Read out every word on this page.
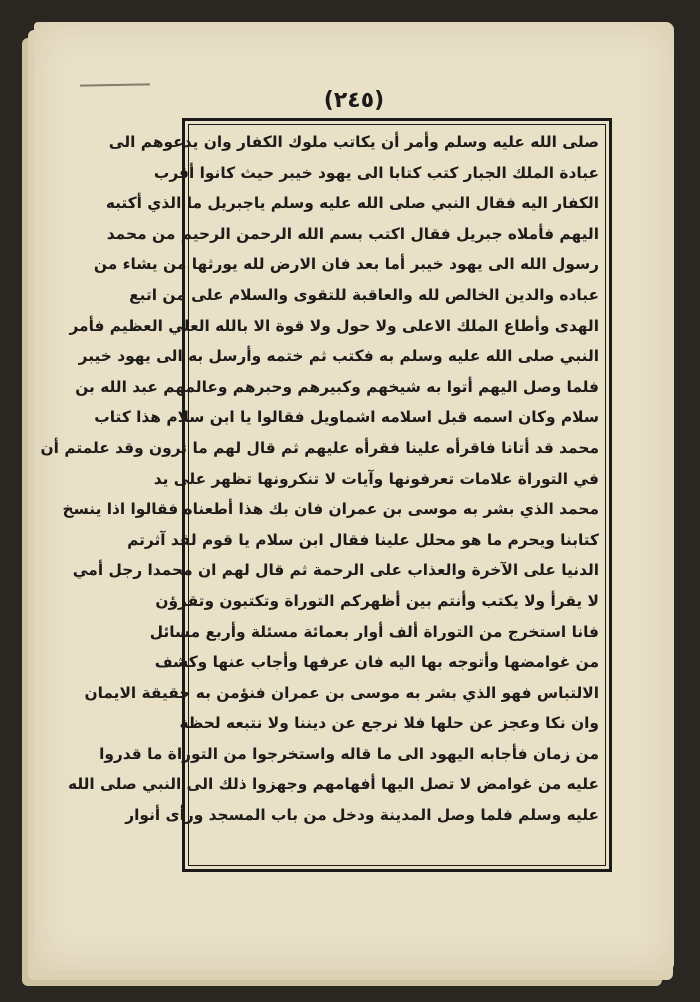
(٢٤٥)
صلى الله عليه وسلم وأمر أن يكاتب ملوك الكفار وان يدعوهم الى
عبادة الملك الجبار كتب كتابا الى يهود خيبر حيث كانوا أقرب
الكفار اليه فقال النبي صلى الله عليه وسلم ياجبريل ما الذي أكتبه
اليهم فأملاه جبريل فقال اكتب بسم الله الرحمن الرحيم من محمد
رسول الله الى يهود خيبر أما بعد فان الارض لله يورثها من يشاء من
عباده والدين الخالص لله والعاقبة للتقوى والسلام على من اتبع
الهدى وأطاع الملك الاعلى ولا حول ولا قوة الا بالله العلي العظيم فأمر
النبي صلى الله عليه وسلم به فكتب ثم ختمه وأرسل به الى يهود خيبر
فلما وصل اليهم أتوا به شيخهم وكبيرهم وحبرهم وعالمهم عبد الله بن
سلام وكان اسمه قبل اسلامه اشماويل فقالوا يا ابن سلام هذا كتاب
محمد قد أتانا فاقرأه علينا فقرأه عليهم ثم قال لهم ما ترون وقد علمتم أن
في التوراة علامات تعرفونها وآيات لا تنكرونها تظهر على يد
محمد الذي بشر به موسى بن عمران فان بك هذا أطعناه فقالوا اذا ينسخ
كتابنا ويحرم ما هو محلل علينا فقال ابن سلام يا قوم لقد آثرتم
الدنيا على الآخرة والعذاب على الرحمة ثم قال لهم ان محمدا رجل أمي
لا يقرأ ولا يكتب وأنتم بين أظهركم التوراة وتكتبون وتقرؤن
فانا استخرج من التوراة ألف أوار بعمائة مسئلة وأربع مسائل
من غوامضها وأتوجه بها اليه فان عرفها وأجاب عنها وكشف
الالتباس فهو الذي بشر به موسى بن عمران فنؤمن به حقيقة الايمان
وان نكا وعجز عن حلها فلا نرجع عن ديننا ولا نتبعه لحظة
من زمان فأجابه اليهود الى ما قاله واستخرجوا من التوراة ما قدروا
عليه من غوامض لا تصل اليها أفهامهم وجهزوا ذلك الى النبي صلى الله
عليه وسلم فلما وصل المدينة ودخل من باب المسجد ورأى أنوار
